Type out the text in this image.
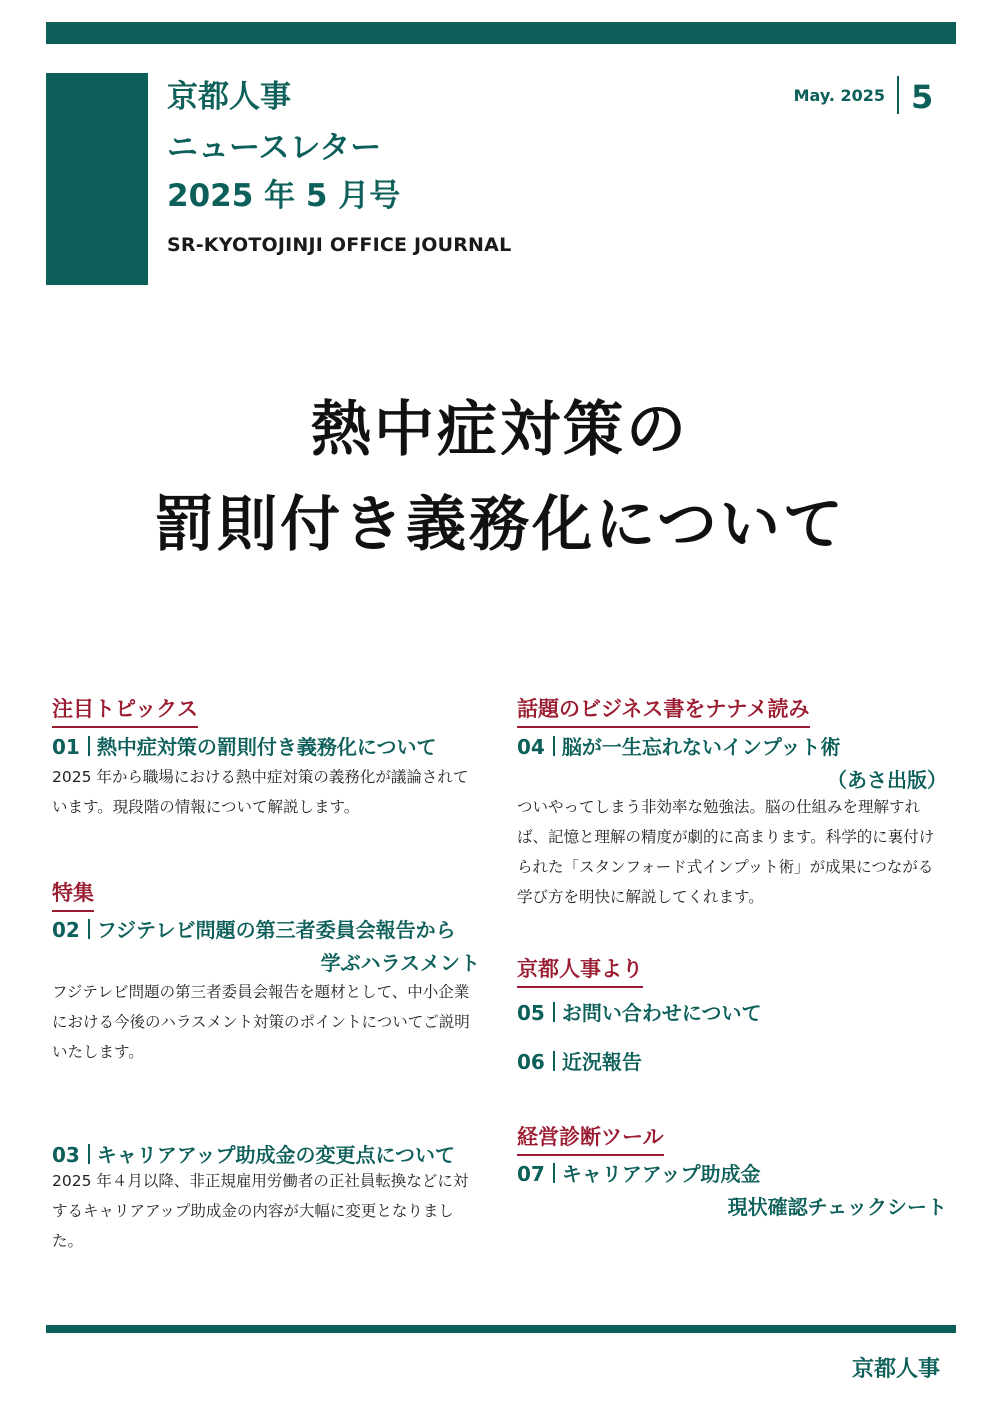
京都人事
ニュースレター
2025 年 5 月号
SR-KYOTOJINJI OFFICE JOURNAL
May. 2025 5
熱中症対策の
罰則付き義務化について
注目トピックス
01 熱中症対策の罰則付き義務化について
2025 年から職場における熱中症対策の義務化が議論されています。現段階の情報について解説します。
特集
02 フジテレビ問題の第三者委員会報告から
学ぶハラスメント
フジテレビ問題の第三者委員会報告を題材として、中小企業における今後のハラスメント対策のポイントについてご説明いたします。
03 キャリアアップ助成金の変更点について
2025 年４月以降、非正規雇用労働者の正社員転換などに対するキャリアアップ助成金の内容が大幅に変更となりました。
話題のビジネス書をナナメ読み
04 脳が一生忘れないインプット術
（あさ出版）
ついやってしまう非効率な勉強法。脳の仕組みを理解すれば、記憶と理解の精度が劇的に高まります。科学的に裏付けられた「スタンフォード式インプット術」が成果につながる学び方を明快に解説してくれます。
京都人事より
05 お問い合わせについて
06 近況報告
経営診断ツール
07 キャリアアップ助成金
現状確認チェックシート
京都人事
